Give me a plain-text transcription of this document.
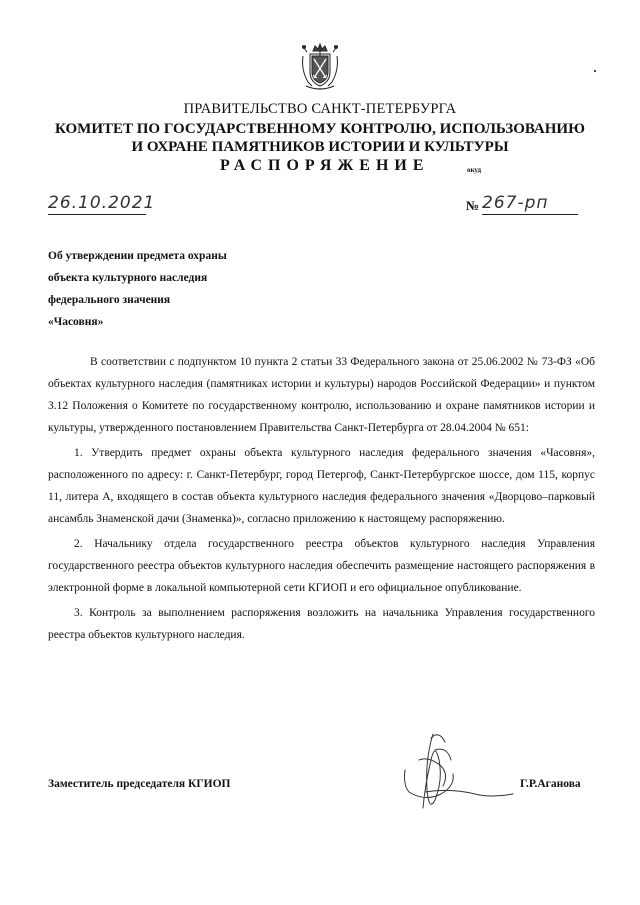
ПРАВИТЕЛЬСТВО САНКТ-ПЕТЕРБУРГА
КОМИТЕТ ПО ГОСУДАРСТВЕННОМУ КОНТРОЛЮ, ИСПОЛЬЗОВАНИЮ
И ОХРАНЕ ПАМЯТНИКОВ ИСТОРИИ И КУЛЬТУРЫ
РАСПОРЯЖЕНИЕ	окуд
26.10.2021	№ 267-рп
Об утверждении предмета охраны
объекта культурного наследия
федерального значения
«Часовня»

В соответствии с подпунктом 10 пункта 2 статьи 33 Федерального закона от 25.06.2002 № 73-ФЗ «Об объектах культурного наследия (памятниках истории и культуры) народов Российской Федерации» и пунктом 3.12 Положения о Комитете по государственному контролю, использованию и охране памятников истории и культуры, утвержденного постановлением Правительства Санкт-Петербурга от 28.04.2004 № 651:

1. Утвердить предмет охраны объекта культурного наследия федерального значения «Часовня», расположенного по адресу: г. Санкт-Петербург, город Петергоф, Санкт-Петербургское шоссе, дом 115, корпус 11, литера А, входящего в состав объекта культурного наследия федерального значения «Дворцово–парковый ансамбль Знаменской дачи (Знаменка)», согласно приложению к настоящему распоряжению.

2. Начальнику отдела государственного реестра объектов культурного наследия Управления государственного реестра объектов культурного наследия обеспечить размещение настоящего распоряжения в электронной форме в локальной компьютерной сети КГИОП и его официальное опубликование.

3. Контроль за выполнением распоряжения возложить на начальника Управления государственного реестра объектов культурного наследия.

Заместитель председателя КГИОП	Г.Р.Аганова
